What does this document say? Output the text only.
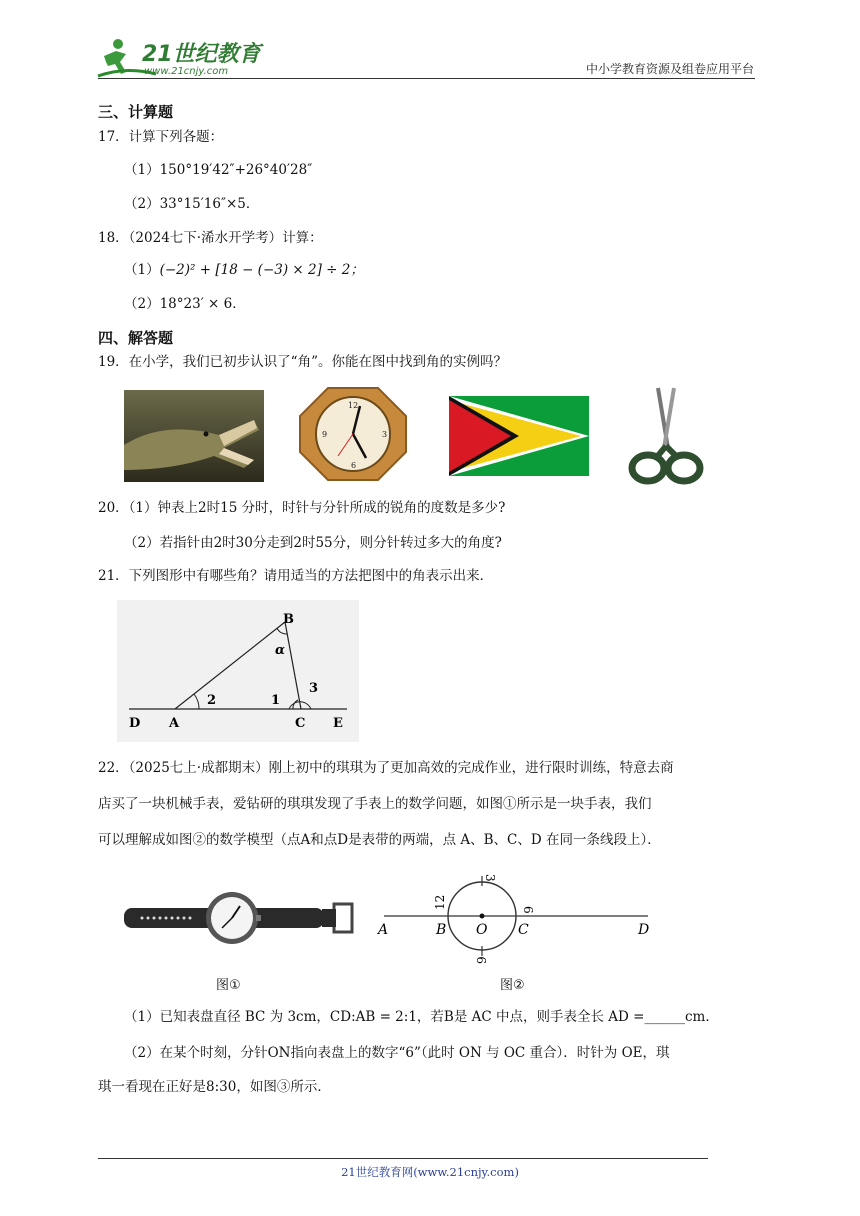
21世纪教育
www.21cnjy.com	中小学教育资源及组卷应用平台
三、计算题
17．计算下列各题：
（1）150°19′42″+26°40′28″
（2）33°15′16″×5．
18．（2024七下·浠水开学考）计算：
（1）(−2)² + [18 − (−3) × 2] ÷ 2；
（2）18°23′ × 6．
四、解答题
19．在小学，我们已初步认识了“角”。你能在图中找到角的实例吗？
12
3
6
9
20．（1）钟表上2时15 分时，时针与分针所成的锐角的度数是多少?
（2）若指针由2时30分走到2时55分，则分针转过多大的角度?
21．下列图形中有哪些角？请用适当的方法把图中的角表示出来．
B
α
2	1
3
D A	C E
22．（2025七上·成都期末）刚上初中的琪琪为了更加高效的完成作业，进行限时训练，特意去商
店买了一块机械手表，爱钻研的琪琪发现了手表上的数学问题，如图①所示是一块手表，我们
可以理解成如图②的数学模型（点A和点D是表带的两端，点 A、B、C、D 在同一条线段上）．
A	B O C	D
12
3
6
9
图①	图②
（1）已知表盘直径 BC 为 3cm，CD:AB = 2:1，若B是 AC 中点，则手表全长 AD =______cm．
（2）在某个时刻，分针ON指向表盘上的数字“6”（此时 ON 与 OC 重合）．时针为 OE，琪
琪一看现在正好是8:30，如图③所示．
21世纪教育网(www.21cnjy.com)
